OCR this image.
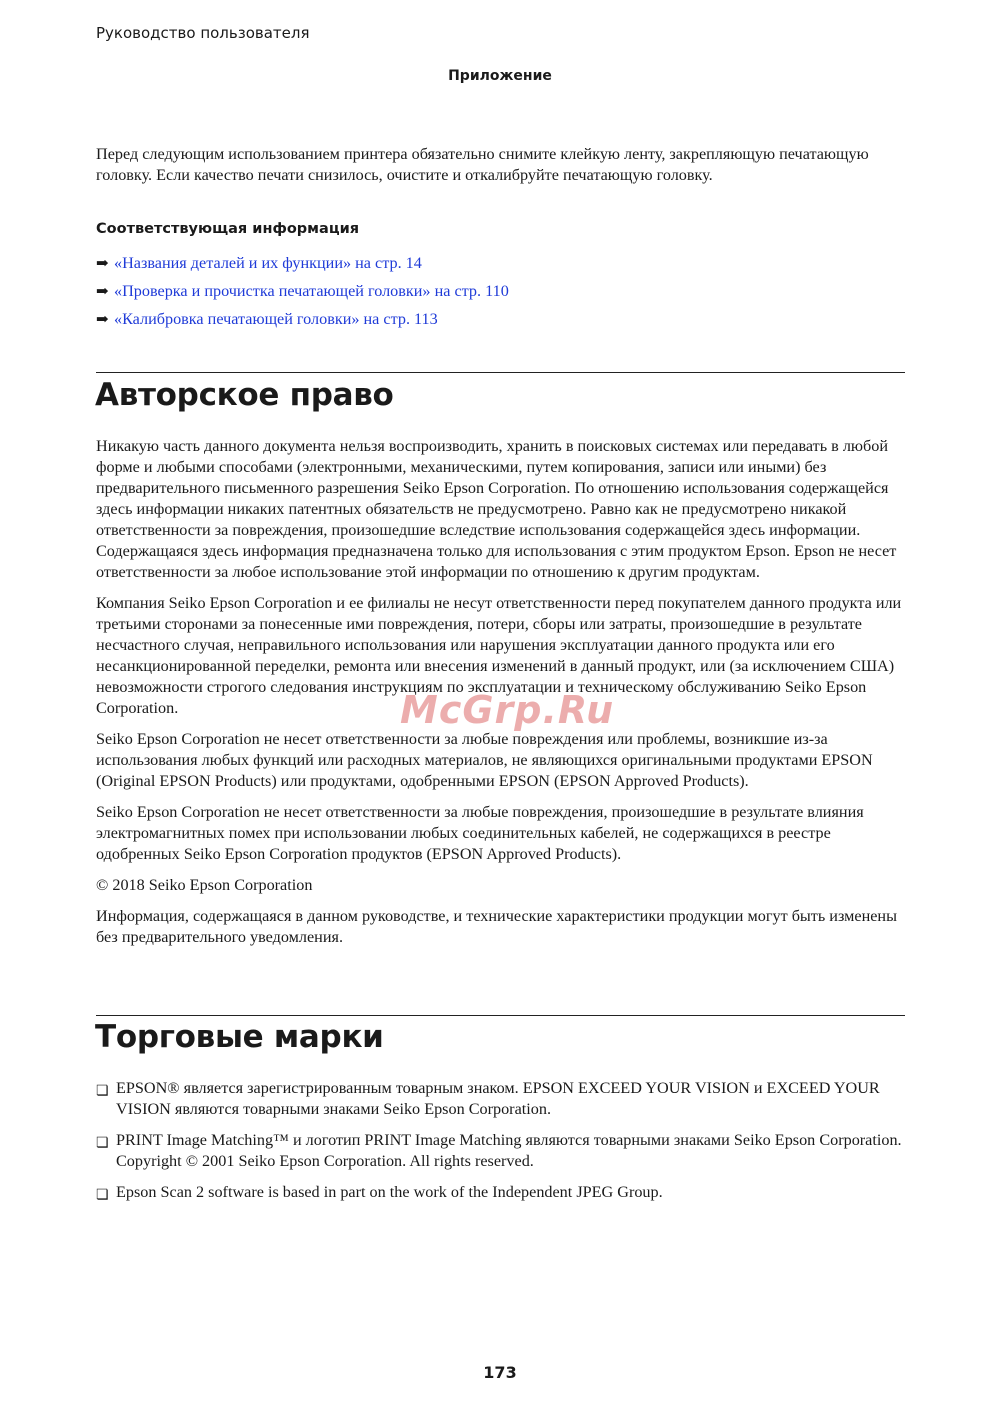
Руководство пользователя
Приложение

Перед следующим использованием принтера обязательно снимите клейкую ленту, закрепляющую печатающую головку. Если качество печати снизилось, очистите и откалибруйте печатающую головку.

Соответствующая информация
➡ «Названия деталей и их функции» на стр. 14
➡ «Проверка и прочистка печатающей головки» на стр. 110
➡ «Калибровка печатающей головки» на стр. 113
Авторское право

Никакую часть данного документа нельзя воспроизводить, хранить в поисковых системах или передавать в любой форме и любыми способами (электронными, механическими, путем копирования, записи или иными) без предварительного письменного разрешения Seiko Epson Corporation. По отношению использования содержащейся здесь информации никаких патентных обязательств не предусмотрено. Равно как не предусмотрено никакой ответственности за повреждения, произошедшие вследствие использования содержащейся здесь информации. Содержащаяся здесь информация предназначена только для использования с этим продуктом Epson. Epson не несет ответственности за любое использование этой информации по отношению к другим продуктам.

Компания Seiko Epson Corporation и ее филиалы не несут ответственности перед покупателем данного продукта или третьими сторонами за понесенные ими повреждения, потери, сборы или затраты, произошедшие в результате несчастного случая, неправильного использования или нарушения эксплуатации данного продукта или его несанкционированной переделки, ремонта или внесения изменений в данный продукт, или (за исключением США) невозможности строгого следования инструкциям по эксплуатации и техническому обслуживанию Seiko Epson Corporation.

Seiko Epson Corporation не несет ответственности за любые повреждения или проблемы, возникшие из-за использования любых функций или расходных материалов, не являющихся оригинальными продуктами EPSON (Original EPSON Products) или продуктами, одобренными EPSON (EPSON Approved Products).

Seiko Epson Corporation не несет ответственности за любые повреждения, произошедшие в результате влияния электромагнитных помех при использовании любых соединительных кабелей, не содержащихся в реестре одобренных Seiko Epson Corporation продуктов (EPSON Approved Products).

© 2018 Seiko Epson Corporation

Информация, содержащаяся в данном руководстве, и технические характеристики продукции могут быть изменены без предварительного уведомления.

Торговые марки
❏ EPSON® является зарегистрированным товарным знаком. EPSON EXCEED YOUR VISION и EXCEED YOUR VISION являются товарными знаками Seiko Epson Corporation.
❏ PRINT Image Matching™ и логотип PRINT Image Matching являются товарными знаками Seiko Epson Corporation. Copyright © 2001 Seiko Epson Corporation. All rights reserved.
❏ Epson Scan 2 software is based in part on the work of the Independent JPEG Group.
McGrp.Ru
173
